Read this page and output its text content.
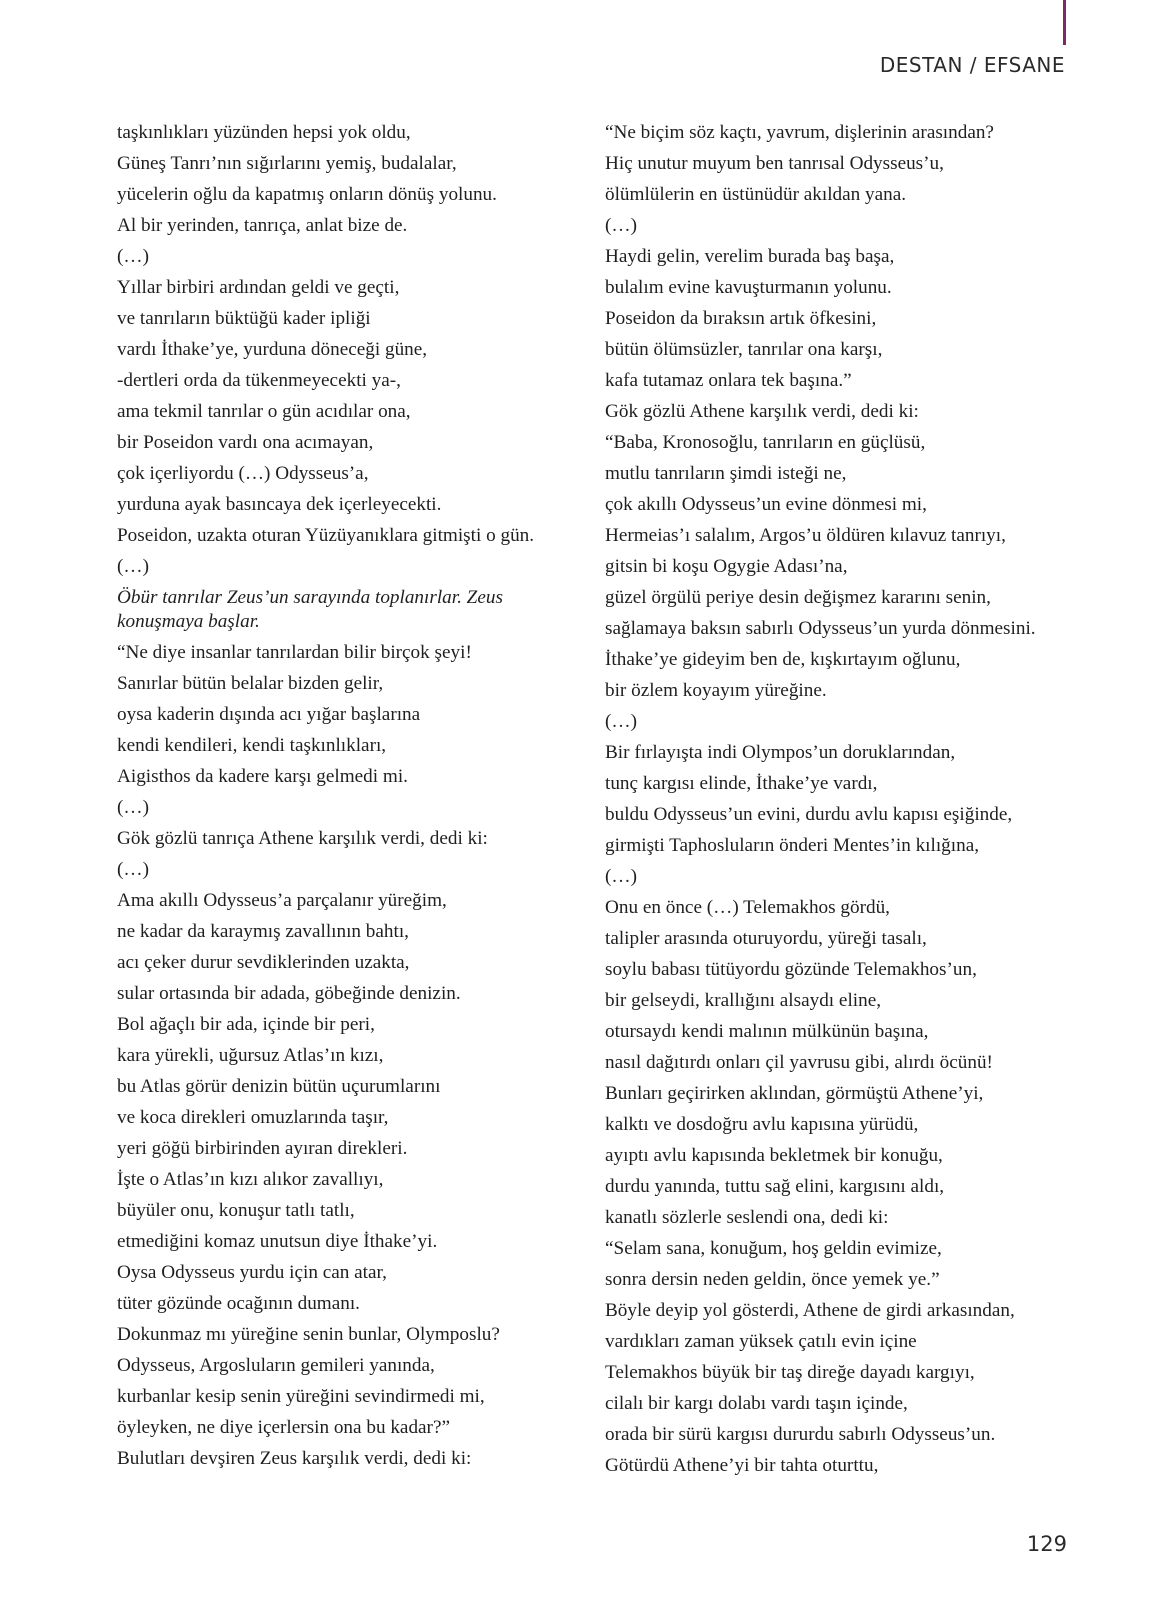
DESTAN / EFSANE
taşkınlıkları yüzünden hepsi yok oldu,
Güneş Tanrı’nın sığırlarını yemiş, budalalar,
yücelerin oğlu da kapatmış onların dönüş yolunu.
Al bir yerinden, tanrıça, anlat bize de.
(…)
Yıllar birbiri ardından geldi ve geçti,
ve tanrıların büktüğü kader ipliği
vardı İthake’ye, yurduna döneceği güne,
-dertleri orda da tükenmeyecekti ya-,
ama tekmil tanrılar o gün acıdılar ona,
bir Poseidon vardı ona acımayan,
çok içerliyordu (…) Odysseus’a,
yurduna ayak basıncaya dek içerleyecekti.
Poseidon, uzakta oturan Yüzüyanıklara gitmişti o gün.
(…)
Öbür tanrılar Zeus’un sarayında toplanırlar. Zeus konuşmaya başlar.
“Ne diye insanlar tanrılardan bilir birçok şeyi!
Sanırlar bütün belalar bizden gelir,
oysa kaderin dışında acı yığar başlarına
kendi kendileri, kendi taşkınlıkları,
Aigisthos da kadere karşı gelmedi mi.
(…)
Gök gözlü tanrıça Athene karşılık verdi, dedi ki:
(…)
Ama akıllı Odysseus’a parçalanır yüreğim,
ne kadar da karaymış zavallının bahtı,
acı çeker durur sevdiklerinden uzakta,
sular ortasında bir adada, göbeğinde denizin.
Bol ağaçlı bir ada, içinde bir peri,
kara yürekli, uğursuz Atlas’ın kızı,
bu Atlas görür denizin bütün uçurumlarını
ve koca direkleri omuzlarında taşır,
yeri göğü birbirinden ayıran direkleri.
İşte o Atlas’ın kızı alıkor zavallıyı,
büyüler onu, konuşur tatlı tatlı,
etmediğini komaz unutsun diye İthake’yi.
Oysa Odysseus yurdu için can atar,
tüter gözünde ocağının dumanı.
Dokunmaz mı yüreğine senin bunlar, Olymposlu?
Odysseus, Argosluların gemileri yanında,
kurbanlar kesip senin yüreğini sevindirmedi mi,
öyleyken, ne diye içerlersin ona bu kadar?”
Bulutları devşiren Zeus karşılık verdi, dedi ki:
“Ne biçim söz kaçtı, yavrum, dişlerinin arasından?
Hiç unutur muyum ben tanrısal Odysseus’u,
ölümlülerin en üstünüdür akıldan yana.
(…)
Haydi gelin, verelim burada baş başa,
bulalım evine kavuşturmanın yolunu.
Poseidon da bıraksın artık öfkesini,
bütün ölümsüzler, tanrılar ona karşı,
kafa tutamaz onlara tek başına.”
Gök gözlü Athene karşılık verdi, dedi ki:
“Baba, Kronosoğlu, tanrıların en güçlüsü,
mutlu tanrıların şimdi isteği ne,
çok akıllı Odysseus’un evine dönmesi mi,
Hermeias’ı salalım, Argos’u öldüren kılavuz tanrıyı,
gitsin bi koşu Ogygie Adası’na,
güzel örgülü periye desin değişmez kararını senin,
sağlamaya baksın sabırlı Odysseus’un yurda dönmesini.
İthake’ye gideyim ben de, kışkırtayım oğlunu,
bir özlem koyayım yüreğine.
(…)
Bir fırlayışta indi Olympos’un doruklarından,
tunç kargısı elinde, İthake’ye vardı,
buldu Odysseus’un evini, durdu avlu kapısı eşiğinde,
girmişti Taphosluların önderi Mentes’in kılığına,
(…)
Onu en önce (…) Telemakhos gördü,
talipler arasında oturuyordu, yüreği tasalı,
soylu babası tütüyordu gözünde Telemakhos’un,
bir gelseydi, krallığını alsaydı eline,
otursaydı kendi malının mülkünün başına,
nasıl dağıtırdı onları çil yavrusu gibi, alırdı öcünü!
Bunları geçirirken aklından, görmüştü Athene’yi,
kalktı ve dosdoğru avlu kapısına yürüdü,
ayıptı avlu kapısında bekletmek bir konuğu,
durdu yanında, tuttu sağ elini, kargısını aldı,
kanatlı sözlerle seslendi ona, dedi ki:
“Selam sana, konuğum, hoş geldin evimize,
sonra dersin neden geldin, önce yemek ye.”
Böyle deyip yol gösterdi, Athene de girdi arkasından,
vardıkları zaman yüksek çatılı evin içine
Telemakhos büyük bir taş direğe dayadı kargıyı,
cilalı bir kargı dolabı vardı taşın içinde,
orada bir sürü kargısı dururdu sabırlı Odysseus’un.
Götürdü Athene’yi bir tahta oturttu,
129
